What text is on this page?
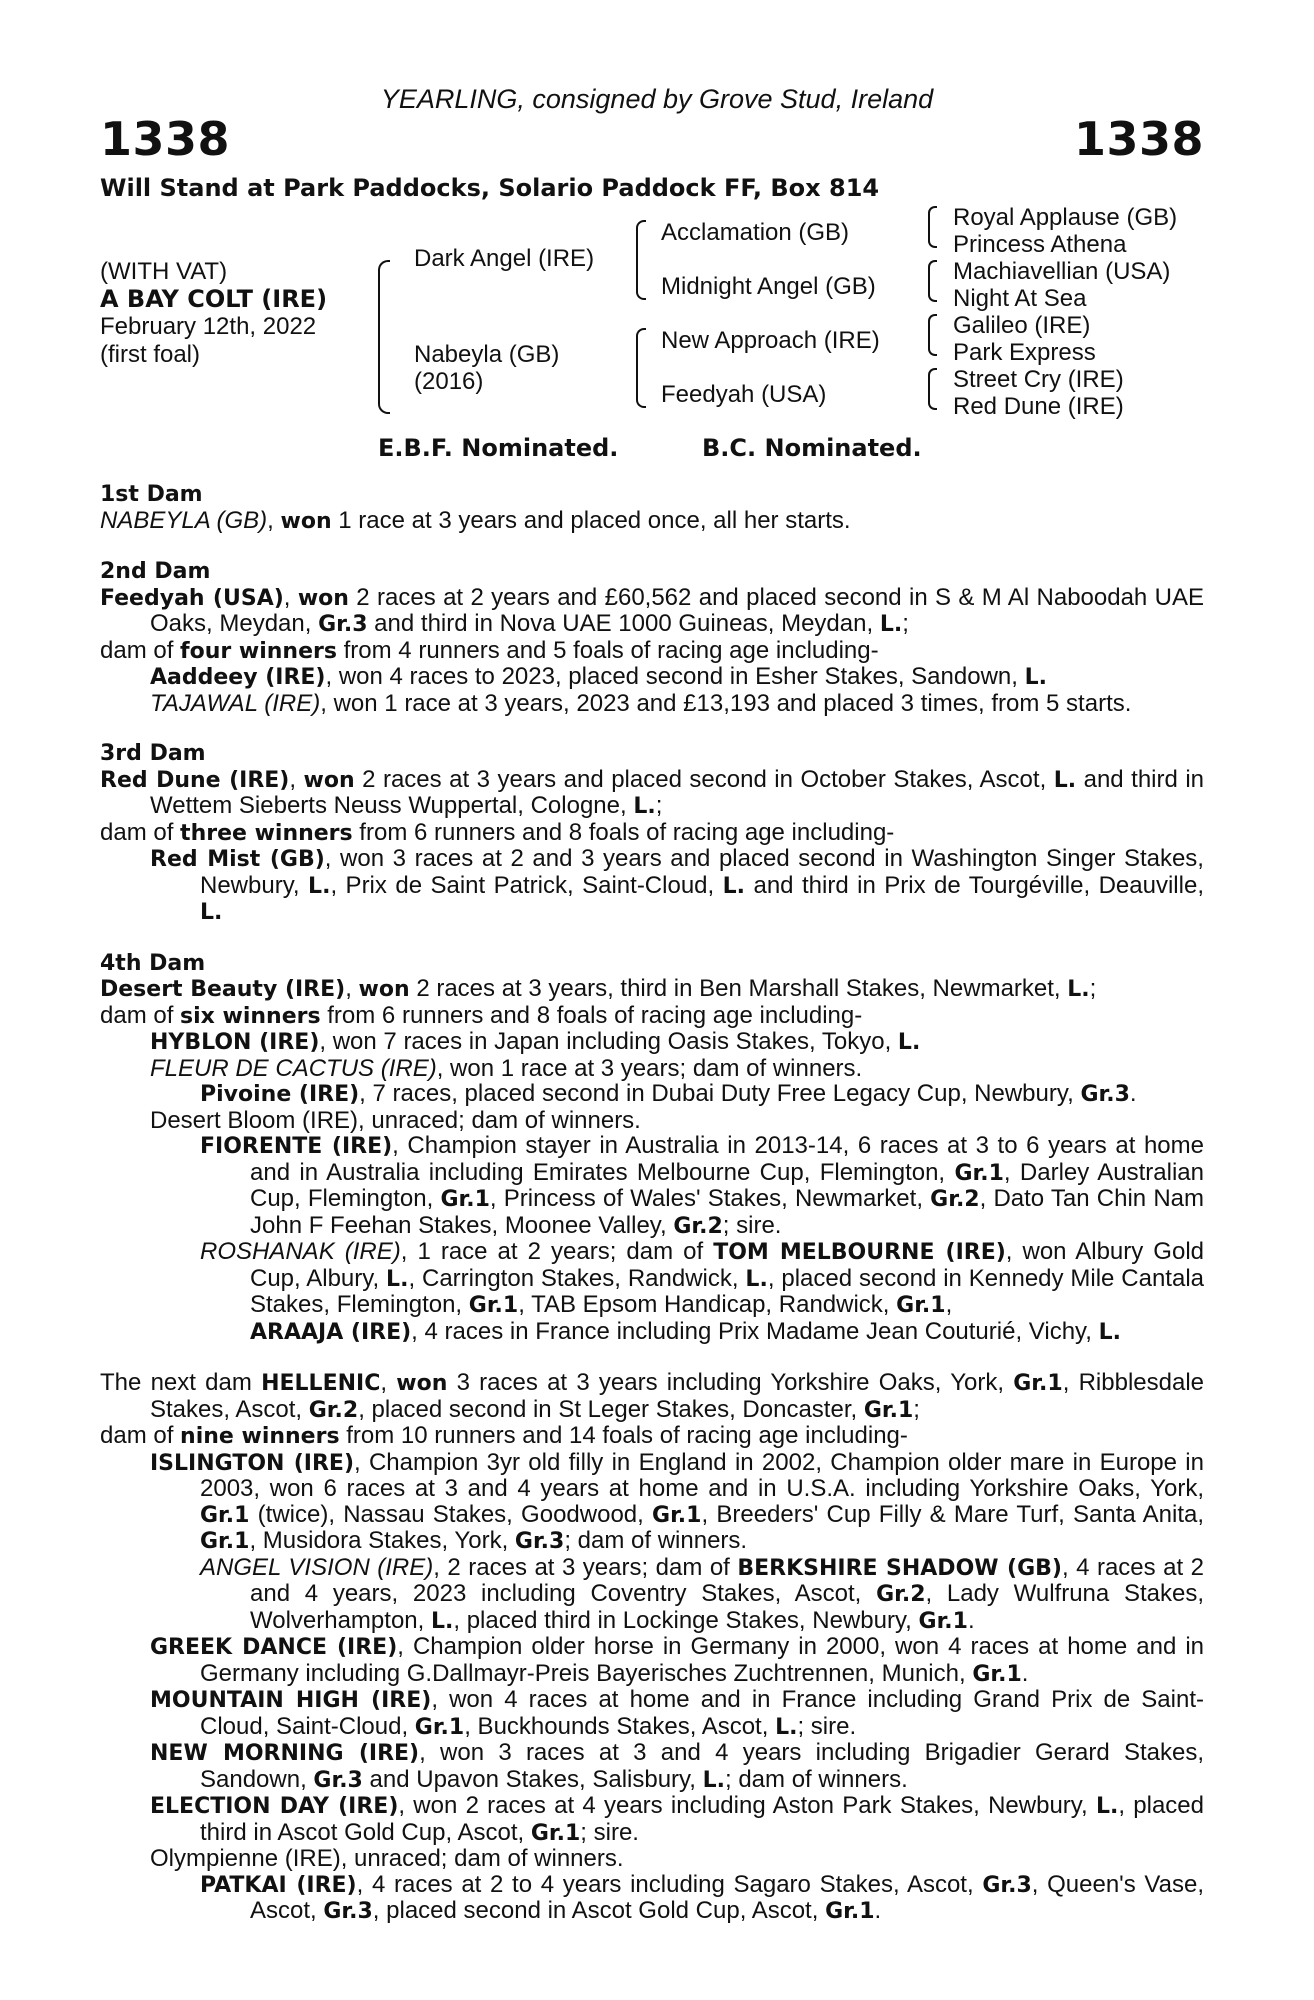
YEARLING, consigned by Grove Stud, Ireland
1338	1338
Will Stand at Park Paddocks, Solario Paddock FF, Box 814
(WITH VAT)
A BAY COLT (IRE)
February 12th, 2022
(first foal)
Dark Angel (IRE)
Nabeyla (GB)
(2016)
Acclamation (GB)
Midnight Angel (GB)
New Approach (IRE)
Feedyah (USA)
Royal Applause (GB)
Princess Athena
Machiavellian (USA)
Night At Sea
Galileo (IRE)
Park Express
Street Cry (IRE)
Red Dune (IRE)
E.B.F. Nominated.	B.C. Nominated.
1st Dam
NABEYLA (GB), won 1 race at 3 years and placed once, all her starts.
2nd Dam
Feedyah (USA), won 2 races at 2 years and £60,562 and placed second in S & M Al Naboodah UAE Oaks, Meydan, Gr.3 and third in Nova UAE 1000 Guineas, Meydan, L.;
dam of four winners from 4 runners and 5 foals of racing age including-
Aaddeey (IRE), won 4 races to 2023, placed second in Esher Stakes, Sandown, L.
TAJAWAL (IRE), won 1 race at 3 years, 2023 and £13,193 and placed 3 times, from 5 starts.
3rd Dam
Red Dune (IRE), won 2 races at 3 years and placed second in October Stakes, Ascot, L. and third in Wettem Sieberts Neuss Wuppertal, Cologne, L.;
dam of three winners from 6 runners and 8 foals of racing age including-
Red Mist (GB), won 3 races at 2 and 3 years and placed second in Washington Singer Stakes, Newbury, L., Prix de Saint Patrick, Saint-Cloud, L. and third in Prix de Tourgéville, Deauville, L.
4th Dam
Desert Beauty (IRE), won 2 races at 3 years, third in Ben Marshall Stakes, Newmarket, L.;
dam of six winners from 6 runners and 8 foals of racing age including-
HYBLON (IRE), won 7 races in Japan including Oasis Stakes, Tokyo, L.
FLEUR DE CACTUS (IRE), won 1 race at 3 years; dam of winners.
Pivoine (IRE), 7 races, placed second in Dubai Duty Free Legacy Cup, Newbury, Gr.3.
Desert Bloom (IRE), unraced; dam of winners.
FIORENTE (IRE), Champion stayer in Australia in 2013-14, 6 races at 3 to 6 years at home and in Australia including Emirates Melbourne Cup, Flemington, Gr.1, Darley Australian Cup, Flemington, Gr.1, Princess of Wales' Stakes, Newmarket, Gr.2, Dato Tan Chin Nam John F Feehan Stakes, Moonee Valley, Gr.2; sire.
ROSHANAK (IRE), 1 race at 2 years; dam of TOM MELBOURNE (IRE), won Albury Gold Cup, Albury, L., Carrington Stakes, Randwick, L., placed second in Kennedy Mile Cantala Stakes, Flemington, Gr.1, TAB Epsom Handicap, Randwick, Gr.1,
ARAAJA (IRE), 4 races in France including Prix Madame Jean Couturié, Vichy, L.
The next dam HELLENIC, won 3 races at 3 years including Yorkshire Oaks, York, Gr.1, Ribblesdale Stakes, Ascot, Gr.2, placed second in St Leger Stakes, Doncaster, Gr.1;
dam of nine winners from 10 runners and 14 foals of racing age including-
ISLINGTON (IRE), Champion 3yr old filly in England in 2002, Champion older mare in Europe in 2003, won 6 races at 3 and 4 years at home and in U.S.A. including Yorkshire Oaks, York, Gr.1 (twice), Nassau Stakes, Goodwood, Gr.1, Breeders' Cup Filly & Mare Turf, Santa Anita, Gr.1, Musidora Stakes, York, Gr.3; dam of winners.
ANGEL VISION (IRE), 2 races at 3 years; dam of BERKSHIRE SHADOW (GB), 4 races at 2 and 4 years, 2023 including Coventry Stakes, Ascot, Gr.2, Lady Wulfruna Stakes, Wolverhampton, L., placed third in Lockinge Stakes, Newbury, Gr.1.
GREEK DANCE (IRE), Champion older horse in Germany in 2000, won 4 races at home and in Germany including G.Dallmayr-Preis Bayerisches Zuchtrennen, Munich, Gr.1.
MOUNTAIN HIGH (IRE), won 4 races at home and in France including Grand Prix de Saint-Cloud, Saint-Cloud, Gr.1, Buckhounds Stakes, Ascot, L.; sire.
NEW MORNING (IRE), won 3 races at 3 and 4 years including Brigadier Gerard Stakes, Sandown, Gr.3 and Upavon Stakes, Salisbury, L.; dam of winners.
ELECTION DAY (IRE), won 2 races at 4 years including Aston Park Stakes, Newbury, L., placed third in Ascot Gold Cup, Ascot, Gr.1; sire.
Olympienne (IRE), unraced; dam of winners.
PATKAI (IRE), 4 races at 2 to 4 years including Sagaro Stakes, Ascot, Gr.3, Queen's Vase, Ascot, Gr.3, placed second in Ascot Gold Cup, Ascot, Gr.1.
